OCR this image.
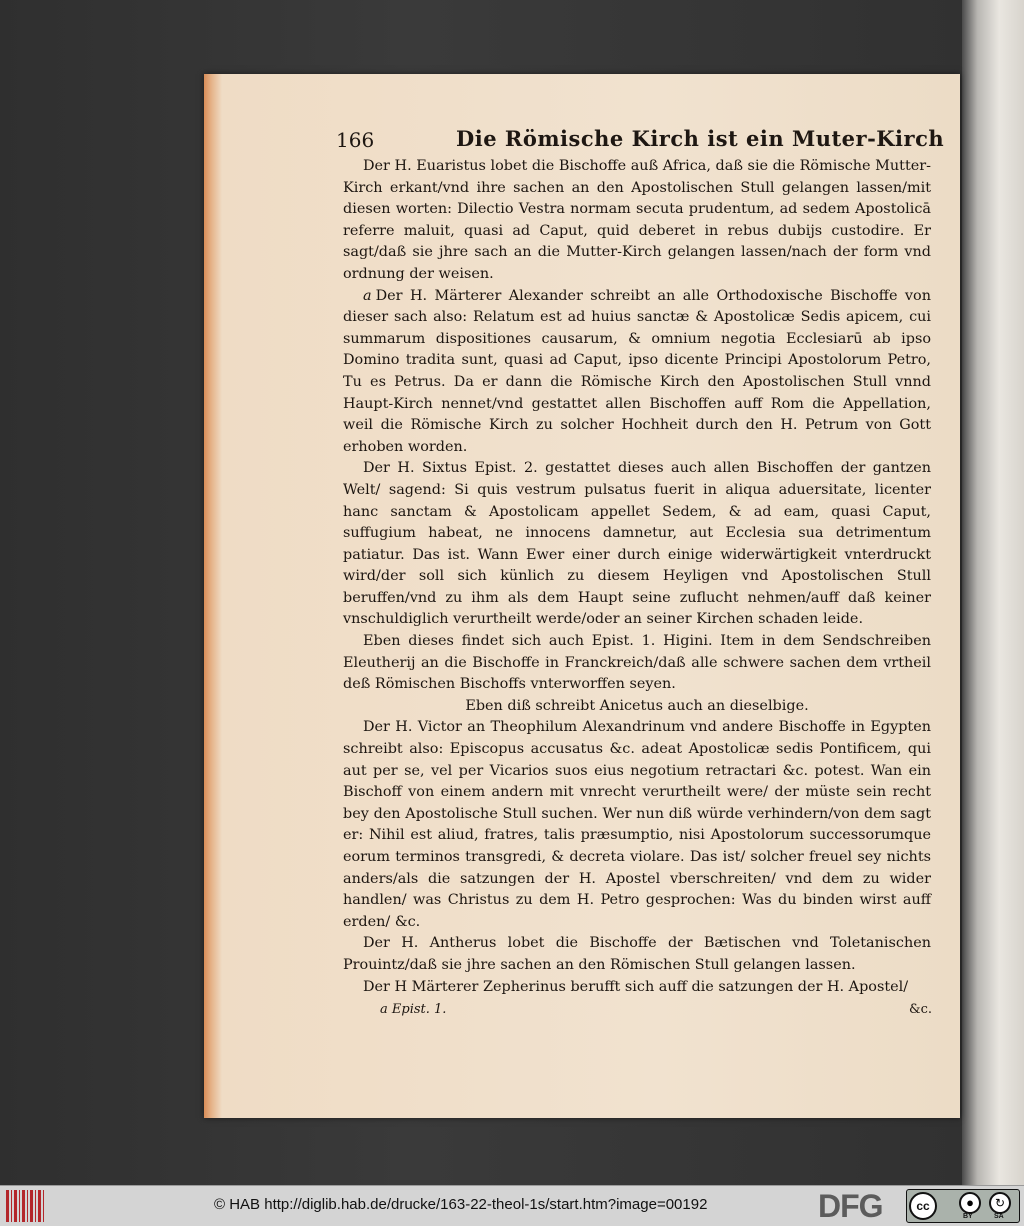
166	Die Römische Kirch ist ein Muter-Kirch

Der H. Euaristus lobet die Bischoffe auß Africa, daß sie die Römische Mutter-Kirch erkant/vnd ihre sachen an den Apostolischen Stull gelangen lassen/mit diesen worten: Dilectio Vestra normam secuta prudentum, ad sedem Apostolicā referre maluit, quasi ad Caput, quid deberet in rebus dubijs custodire. Er sagt/daß sie jhre sach an die Mutter-Kirch gelangen lassen/nach der form vnd ordnung der weisen.

a Der H. Märterer Alexander schreibt an alle Orthodoxische Bischoffe von dieser sach also: Relatum est ad huius sanctæ & Apostolicæ Sedis apicem, cui summarum dispositiones causarum, & omnium negotia Ecclesiarū ab ipso Domino tradita sunt, quasi ad Caput, ipso dicente Principi Apostolorum Petro, Tu es Petrus. Da er dann die Römische Kirch den Apostolischen Stull vnnd Haupt-Kirch nennet/vnd gestattet allen Bischoffen auff Rom die Appellation, weil die Römische Kirch zu solcher Hochheit durch den H. Petrum von Gott erhoben worden.

Der H. Sixtus Epist. 2. gestattet dieses auch allen Bischoffen der gantzen Welt/ sagend: Si quis vestrum pulsatus fuerit in aliqua aduersitate, licenter hanc sanctam & Apostolicam appellet Sedem, & ad eam, quasi Caput, suffugium habeat, ne innocens damnetur, aut Ecclesia sua detrimentum patiatur. Das ist. Wann Ewer einer durch einige widerwärtigkeit vnterdruckt wird/der soll sich künlich zu diesem Heyligen vnd Apostolischen Stull beruffen/vnd zu ihm als dem Haupt seine zuflucht nehmen/auff daß keiner vnschuldiglich verurtheilt werde/oder an seiner Kirchen schaden leide.

Eben dieses findet sich auch Epist. 1. Higini. Item in dem Sendschreiben Eleutherij an die Bischoffe in Franckreich/daß alle schwere sachen dem vrtheil deß Römischen Bischoffs vnterworffen seyen.

Eben diß schreibt Anicetus auch an dieselbige.

Der H. Victor an Theophilum Alexandrinum vnd andere Bischoffe in Egypten schreibt also: Episcopus accusatus &c. adeat Apostolicæ sedis Pontificem, qui aut per se, vel per Vicarios suos eius negotium retractari &c. potest. Wan ein Bischoff von einem andern mit vnrecht verurtheilt were/ der müste sein recht bey den Apostolische Stull suchen. Wer nun diß würde verhindern/von dem sagt er: Nihil est aliud, fratres, talis præsumptio, nisi Apostolorum successorumque eorum terminos transgredi, & decreta violare. Das ist/ solcher freuel sey nichts anders/als die satzungen der H. Apostel vberschreiten/ vnd dem zu wider handlen/ was Christus zu dem H. Petro gesprochen: Was du binden wirst auff erden/ &c.

Der H. Antherus lobet die Bischoffe der Bætischen vnd Toletanischen Prouintz/daß sie jhre sachen an den Römischen Stull gelangen lassen.

Der H Märterer Zepherinus berufft sich auff die satzungen der H. Apostel/

a Epist. 1.	&c.
© HAB http://diglib.hab.de/drucke/163-22-theol-1s/start.htm?image=00192	DFG	cc	●	↻
BY	SA
